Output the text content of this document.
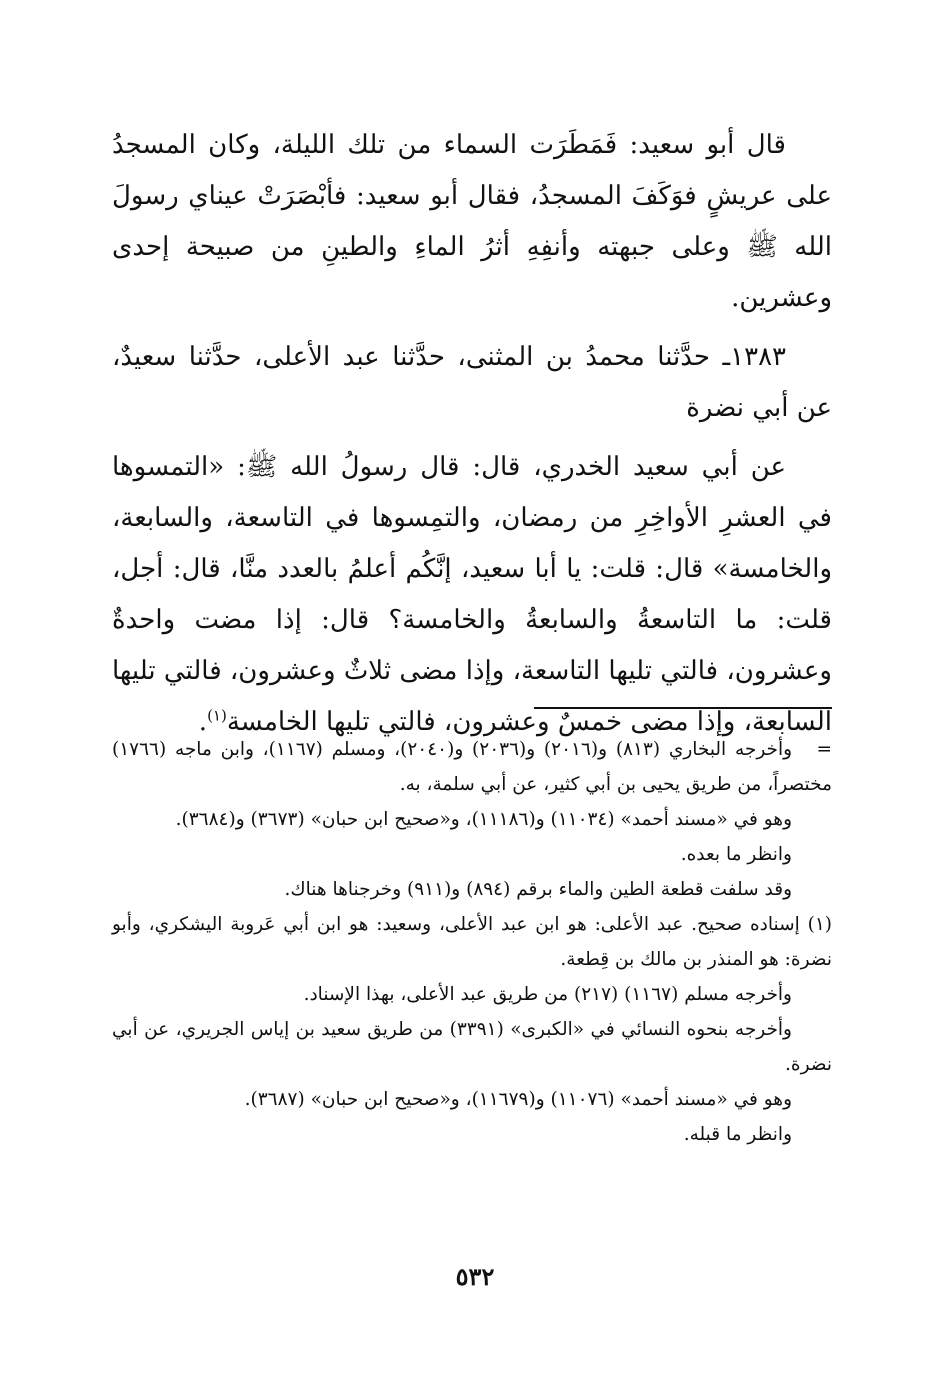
قال أبو سعيد: فَمَطَرَت السماء من تلك الليلة، وكان المسجدُ على عريشٍ فوَكَفَ المسجدُ، فقال أبو سعيد: فأبْصَرَتْ عيناي رسولَ الله ﷺ وعلى جبهته وأنفِهِ أثرُ الماءِ والطينِ من صبيحة إحدى وعشرين.

١٣٨٣ـ حدَّثنا محمدُ بن المثنى، حدَّثنا عبد الأعلى، حدَّثنا سعيدٌ، عن أبي نضرة

عن أبي سعيد الخدري، قال: قال رسولُ الله ﷺ: «التمسوها في العشرِ الأواخِرِ من رمضان، والتمِسوها في التاسعة، والسابعة، والخامسة» قال: قلت: يا أبا سعيد، إنَّكُم أعلمُ بالعدد منَّا، قال: أجل، قلت: ما التاسعةُ والسابعةُ والخامسة؟ قال: إذا مضت واحدةٌ وعشرون، فالتي تليها التاسعة، وإذا مضى ثلاثٌ وعشرون، فالتي تليها السابعة، وإذا مضى خمسٌ وعشرون، فالتي تليها الخامسة$^{(١)}$.

=وأخرجه البخاري (٨١٣) و(٢٠١٦) و(٢٠٣٦) و(٢٠٤٠)، ومسلم (١١٦٧)، وابن ماجه (١٧٦٦) مختصراً، من طريق يحيى بن أبي كثير، عن أبي سلمة، به.

وهو في «مسند أحمد» (١١٠٣٤) و(١١١٨٦)، و«صحيح ابن حبان» (٣٦٧٣) و(٣٦٨٤).

وانظر ما بعده.

وقد سلفت قطعة الطين والماء برقم (٨٩٤) و(٩١١) وخرجناها هناك.

(١) إسناده صحيح. عبد الأعلى: هو ابن عبد الأعلى، وسعيد: هو ابن أبي عَروبة اليشكري، وأبو نضرة: هو المنذر بن مالك بن قِطعة.

وأخرجه مسلم (١١٦٧) (٢١٧) من طريق عبد الأعلى، بهذا الإسناد.

وأخرجه بنحوه النسائي في «الكبرى» (٣٣٩١) من طريق سعيد بن إياس الجريري، عن أبي نضرة.

وهو في «مسند أحمد» (١١٠٧٦) و(١١٦٧٩)، و«صحيح ابن حبان» (٣٦٨٧).

وانظر ما قبله.

٥٣٢
